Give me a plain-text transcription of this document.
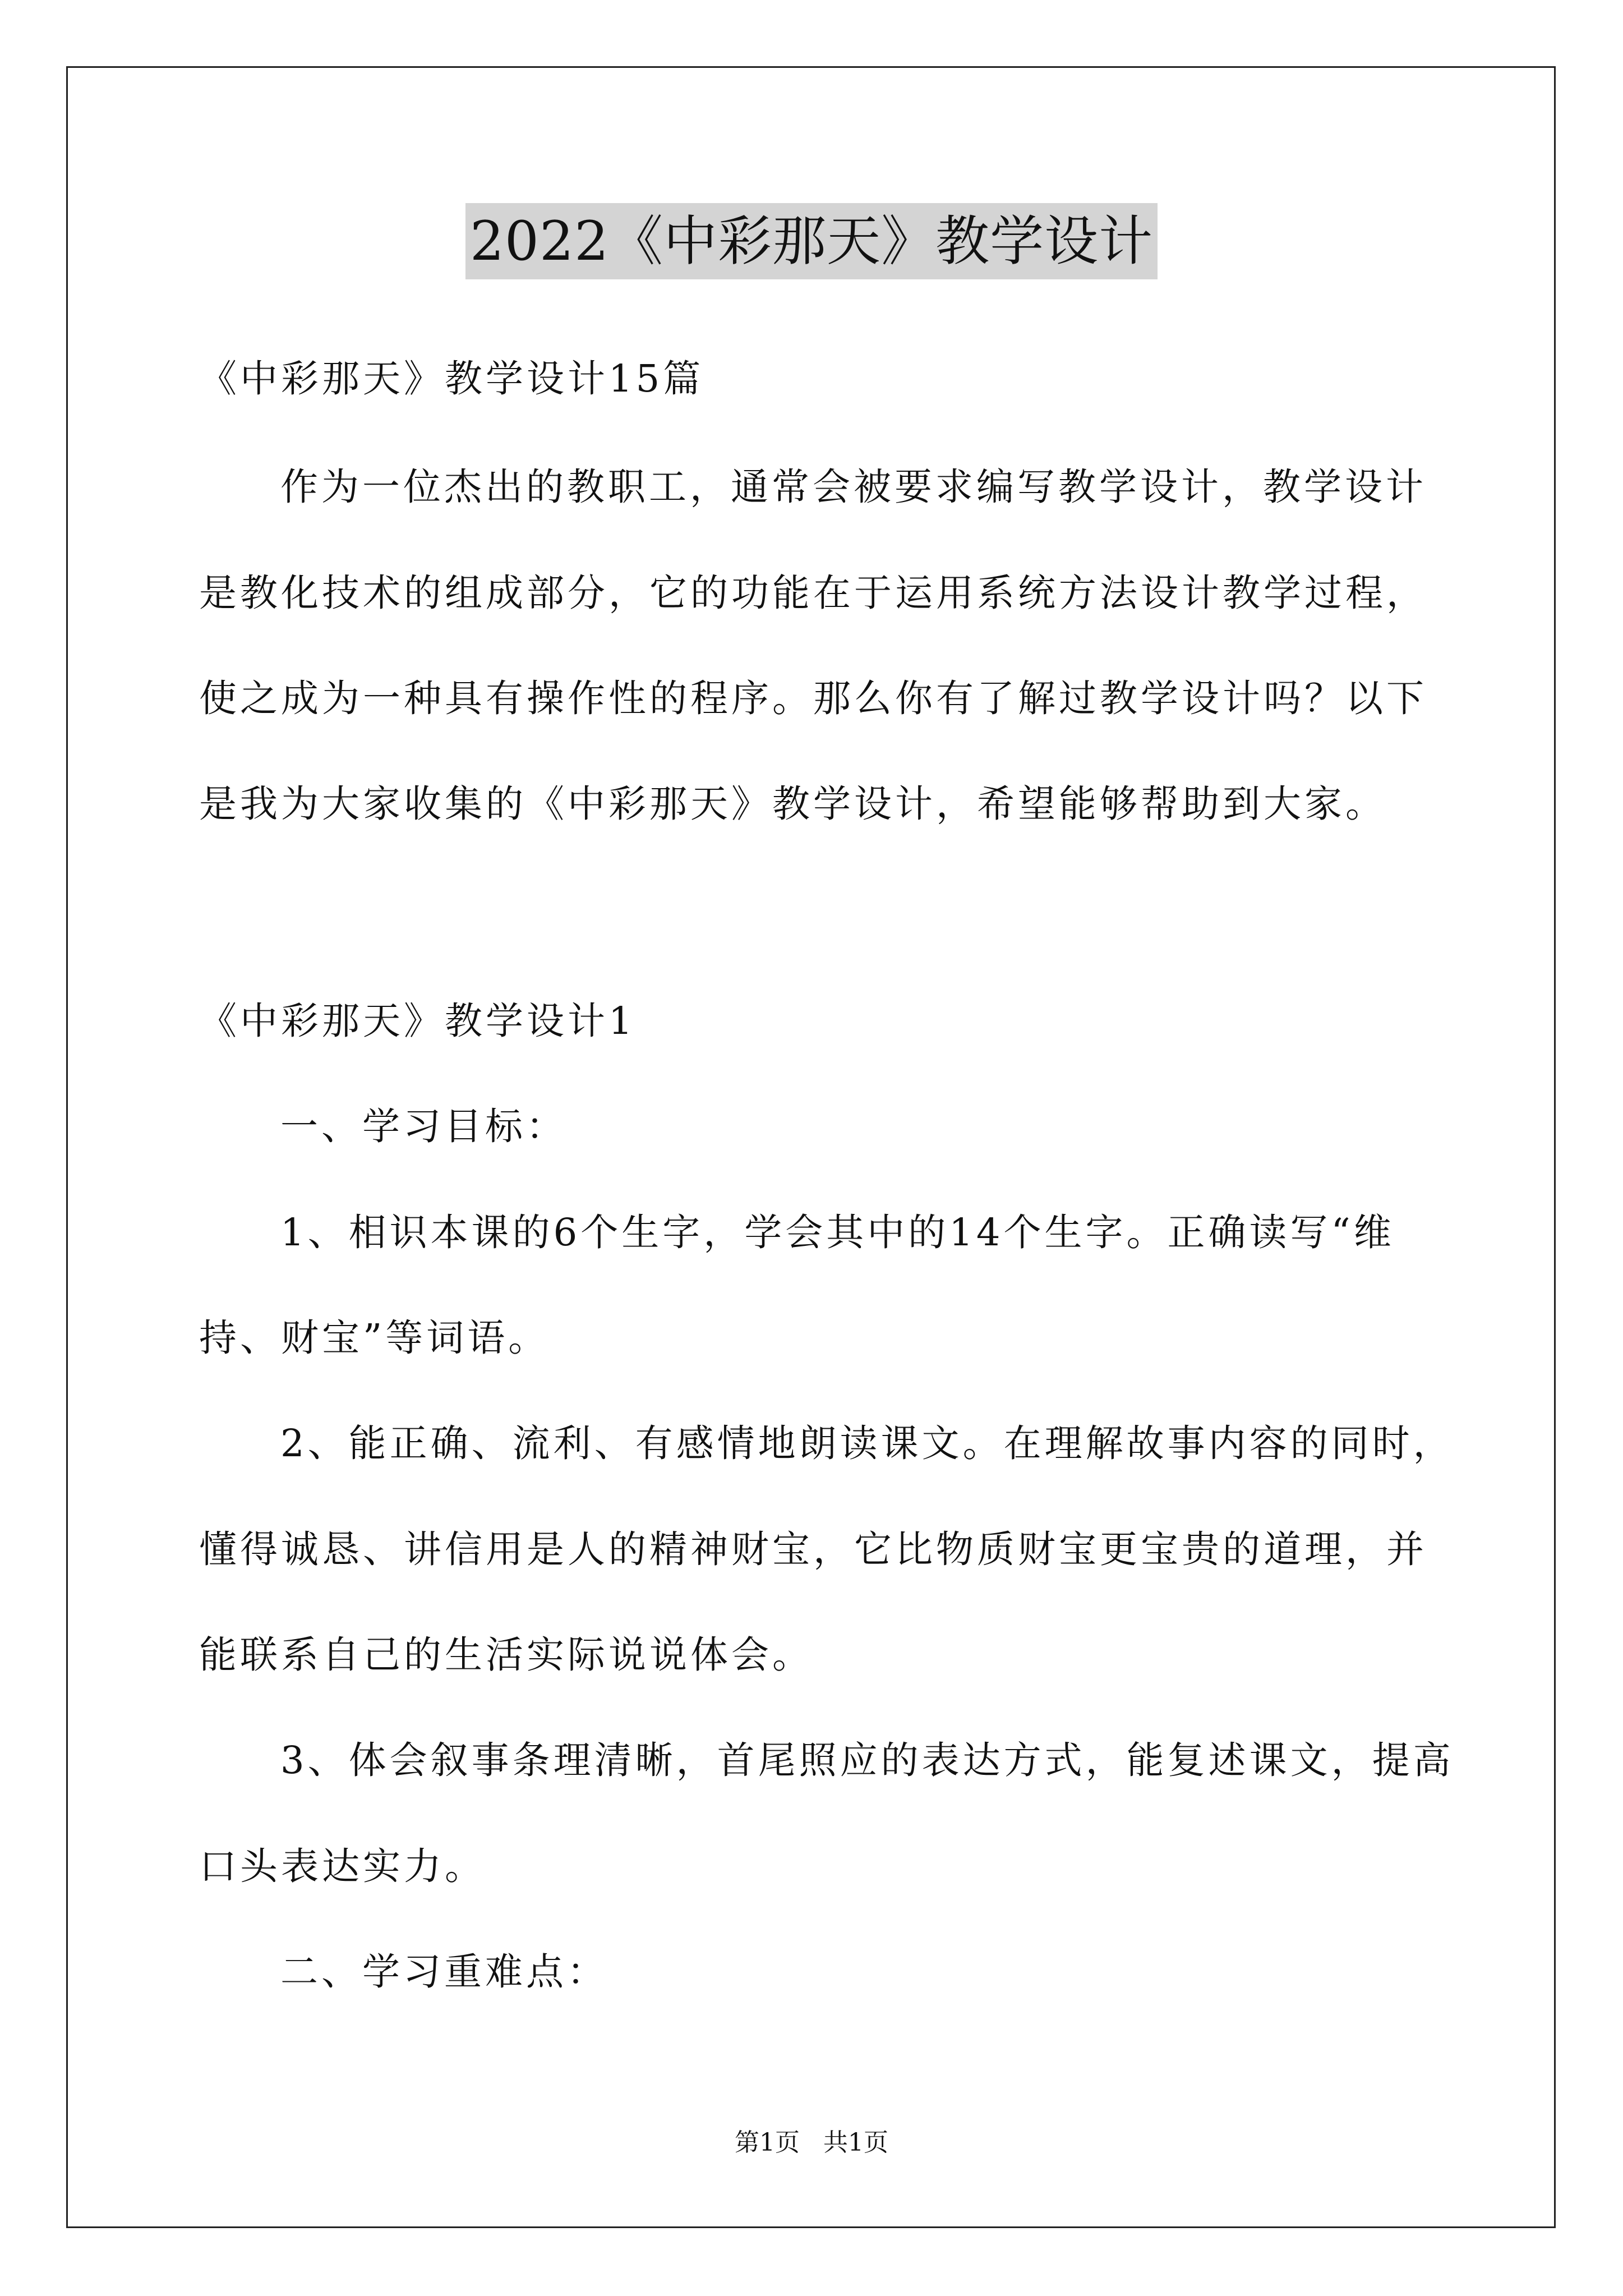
2022《中彩那天》教学设计
《中彩那天》教学设计15篇
作为一位杰出的教职工，通常会被要求编写教学设计，教学设计
是教化技术的组成部分，它的功能在于运用系统方法设计教学过程，
使之成为一种具有操作性的程序。那么你有了解过教学设计吗？以下
是我为大家收集的《中彩那天》教学设计，希望能够帮助到大家。
《中彩那天》教学设计1
一、学习目标：
1、相识本课的6个生字，学会其中的14个生字。正确读写“维
持、财宝”等词语。
2、能正确、流利、有感情地朗读课文。在理解故事内容的同时，
懂得诚恳、讲信用是人的精神财宝，它比物质财宝更宝贵的道理，并
能联系自己的生活实际说说体会。
3、体会叙事条理清晰，首尾照应的表达方式，能复述课文，提高
口头表达实力。
二、学习重难点：
第1页   共1页
